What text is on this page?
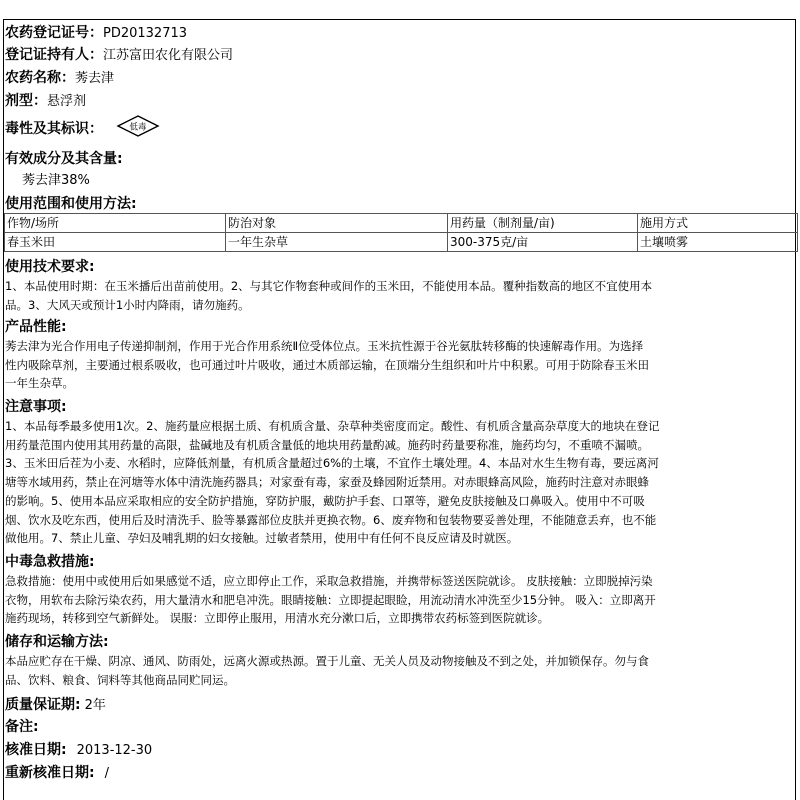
农药登记证号：PD20132713
登记证持有人：江苏富田农化有限公司
农药名称：莠去津
剂型：悬浮剂
毒性及其标识：	低毒
有效成分及其含量:
莠去津38%
使用范围和使用方法:
作物/场所	防治对象	用药量（制剂量/亩)	施用方式
春玉米田	一年生杂草	300-375克/亩	土壤喷雾
使用技术要求:
1、本品使用时期：在玉米播后出苗前使用。2、与其它作物套种或间作的玉米田，不能使用本品。覆种指数高的地区不宜使用本
品。3、大风天或预计1小时内降雨，请勿施药。
产品性能:
莠去津为光合作用电子传递抑制剂，作用于光合作用系统Ⅱ位受体位点。玉米抗性源于谷光氨肽转移酶的快速解毒作用。为选择
性内吸除草剂，主要通过根系吸收，也可通过叶片吸收，通过木质部运输，在顶端分生组织和叶片中积累。可用于防除春玉米田
一年生杂草。
注意事项:
1、本品每季最多使用1次。2、施药量应根据土质、有机质含量、杂草种类密度而定。酸性、有机质含量高杂草度大的地块在登记
用药量范围内使用其用药量的高限，盐碱地及有机质含量低的地块用药量酌减。施药时药量要称准，施药均匀，不重喷不漏喷。
3、玉米田后茬为小麦、水稻时，应降低剂量，有机质含量超过6%的土壤，不宜作土壤处理。4、本品对水生生物有毒，要远离河
塘等水域用药，禁止在河塘等水体中清洗施药器具；对家蚕有毒，家蚕及蜂园附近禁用。对赤眼蜂高风险，施药时注意对赤眼蜂
的影响。5、使用本品应采取相应的安全防护措施，穿防护服，戴防护手套、口罩等，避免皮肤接触及口鼻吸入。使用中不可吸
烟、饮水及吃东西，使用后及时清洗手、脸等暴露部位皮肤并更换衣物。6、废弃物和包装物要妥善处理，不能随意丢弃，也不能
做他用。7、禁止儿童、孕妇及哺乳期的妇女接触。过敏者禁用，使用中有任何不良反应请及时就医。
中毒急救措施:
急救措施：使用中或使用后如果感觉不适，应立即停止工作，采取急救措施，并携带标签送医院就诊。 皮肤接触：立即脱掉污染
衣物，用软布去除污染农药，用大量清水和肥皂冲洗。眼睛接触：立即提起眼睑，用流动清水冲洗至少15分钟。 吸入：立即离开
施药现场，转移到空气新鲜处。 误服：立即停止服用，用清水充分漱口后，立即携带农药标签到医院就诊。
储存和运输方法:
本品应贮存在干燥、阴凉、通风、防雨处，远离火源或热源。置于儿童、无关人员及动物接触及不到之处，并加锁保存。勿与食
品、饮料、粮食、饲料等其他商品同贮同运。
质量保证期: 2年
备注:
核准日期: 2013-12-30
重新核准日期: /
